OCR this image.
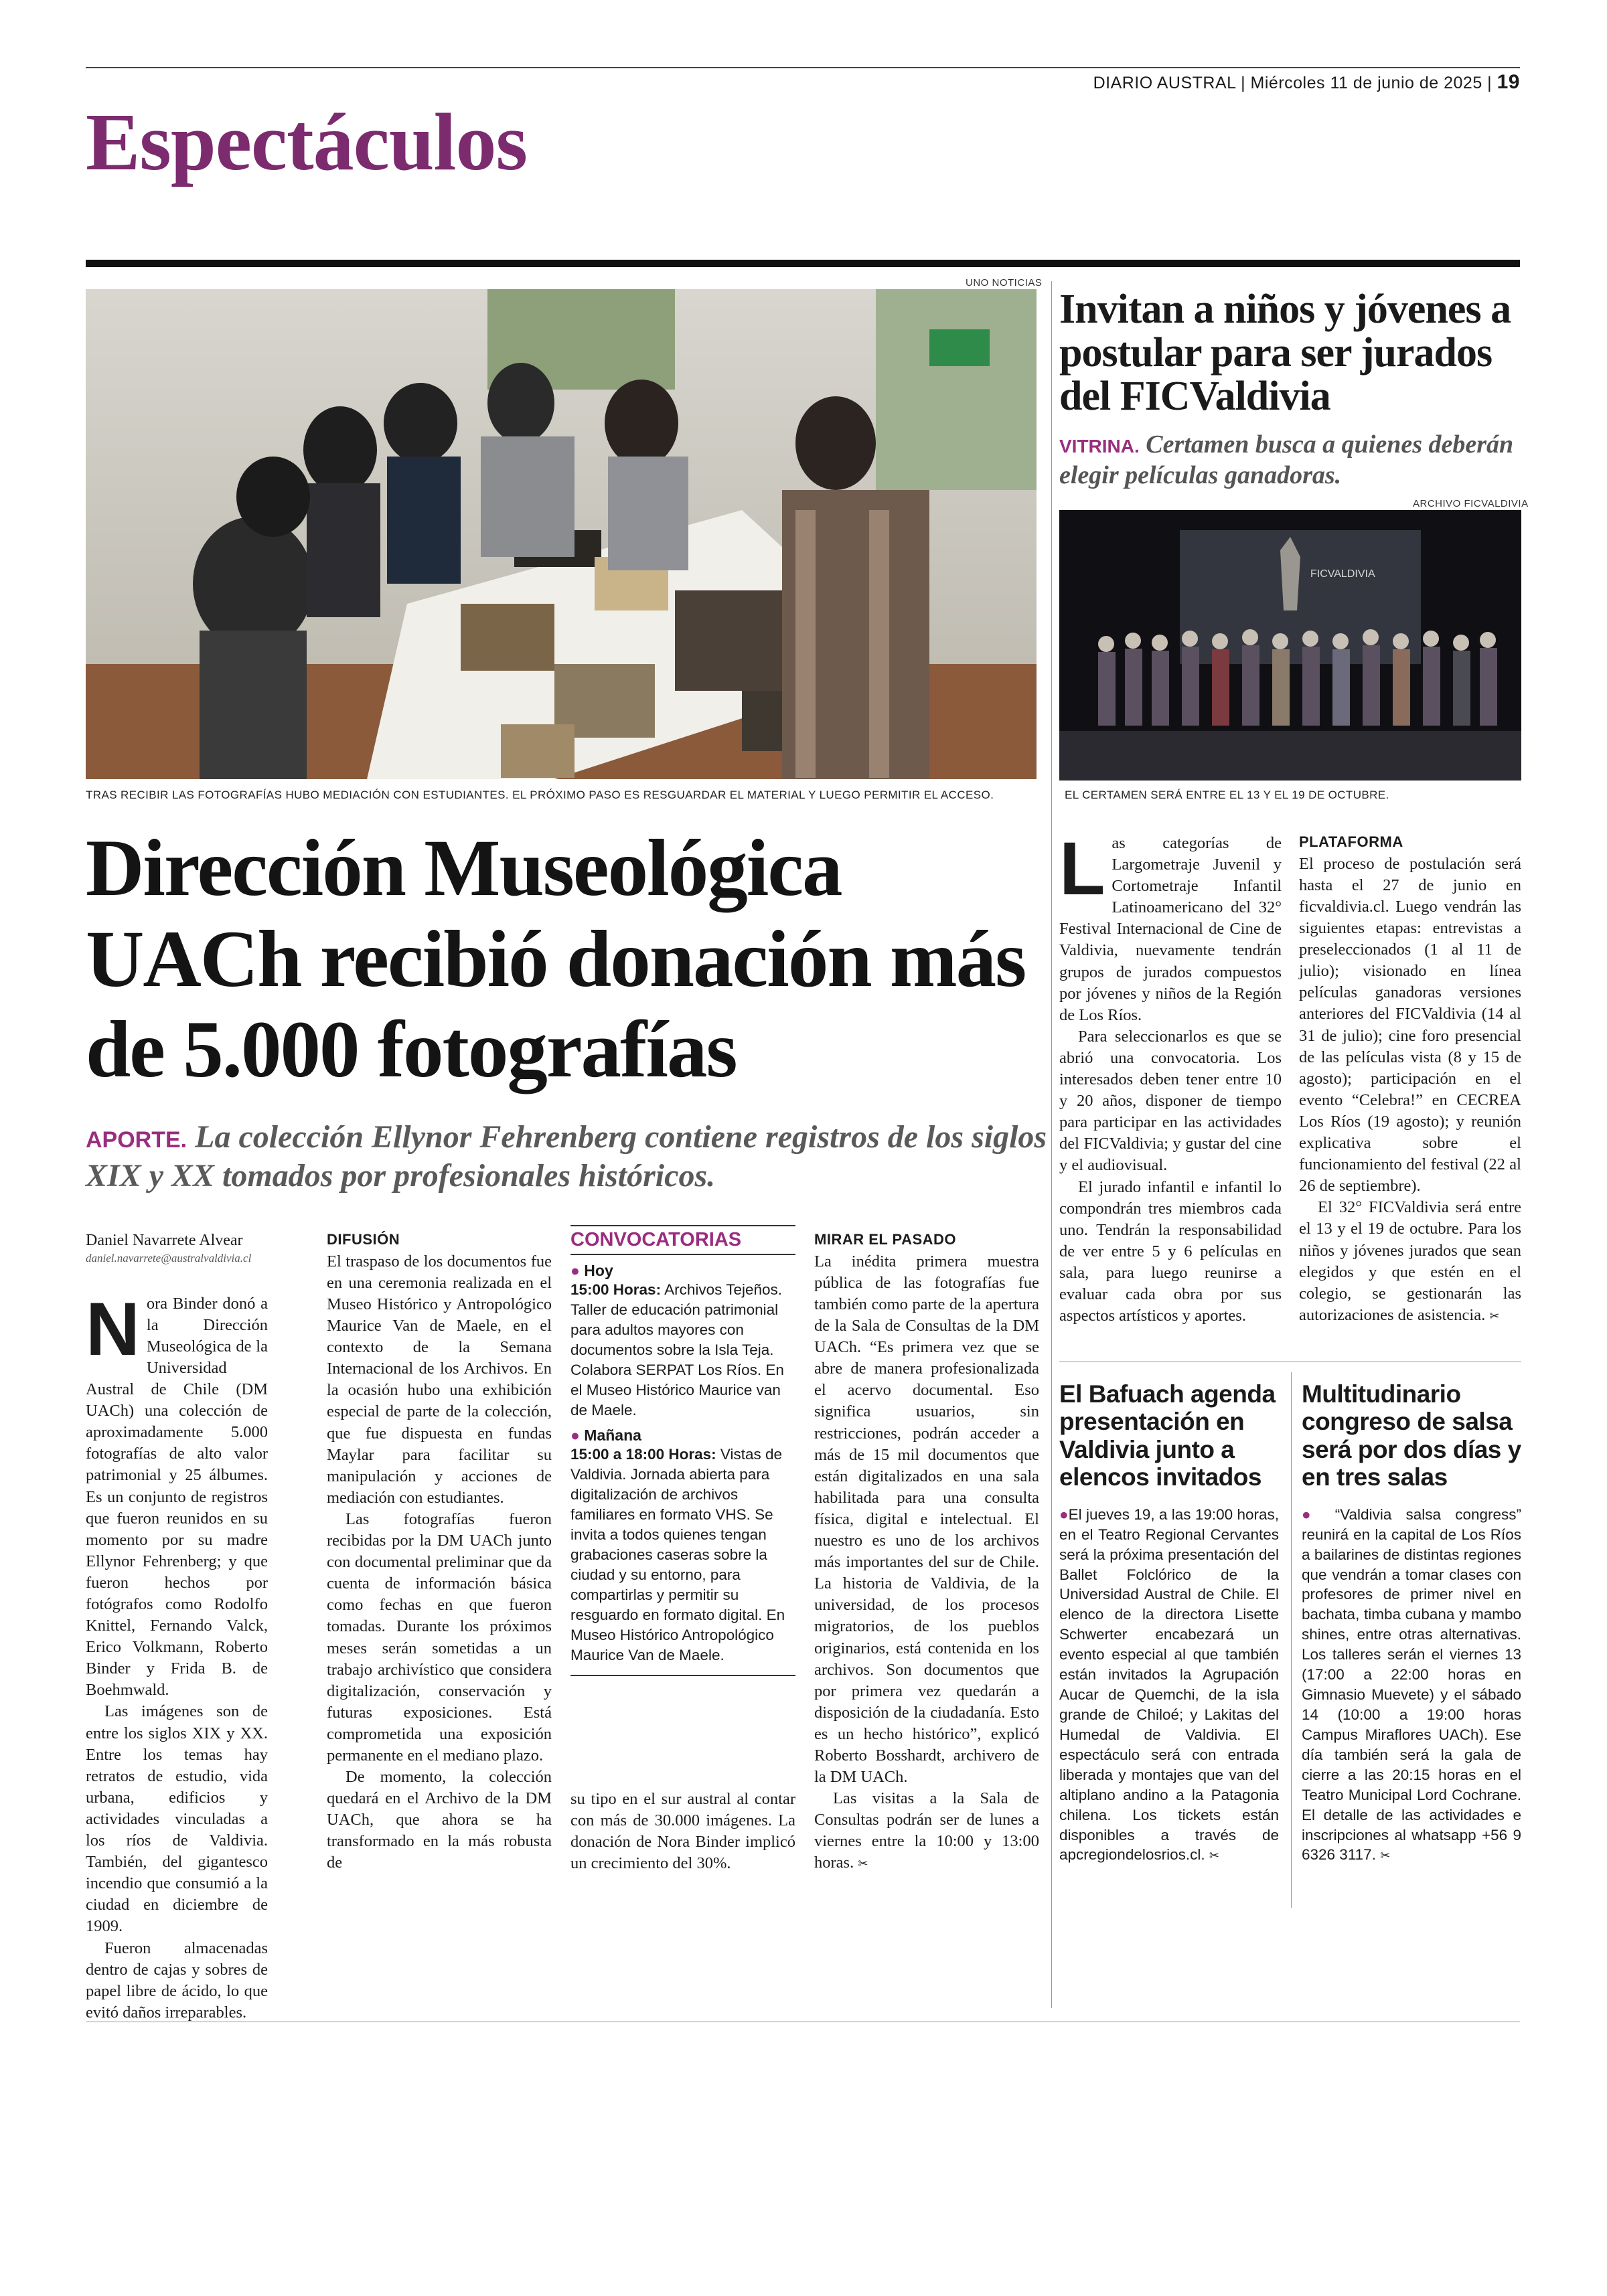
DIARIO AUSTRAL | Miércoles 11 de junio de 2025 | 19
Espectáculos
UNO NOTICIAS
TRAS RECIBIR LAS FOTOGRAFÍAS HUBO MEDIACIÓN CON ESTUDIANTES. EL PRÓXIMO PASO ES RESGUARDAR EL MATERIAL Y LUEGO PERMITIR EL ACCESO.
Dirección Museológica UACh recibió donación más de 5.000 fotografías
APORTE. La colección Ellynor Fehrenberg contiene registros de los siglos XIX y XX tomados por profesionales históricos.
Daniel Navarrete Alvear
daniel.navarrete@australvaldivia.cl

Nora Binder donó a la Dirección Museológica de la Universidad Austral de Chile (DM UACh) una colección de aproximadamente 5.000 fotografías de alto valor patrimonial y 25 álbumes. Es un conjunto de registros que fueron reunidos en su momento por su madre Ellynor Fehrenberg; y que fueron hechos por fotógrafos como Rodolfo Knittel, Fernando Valck, Erico Volkmann, Roberto Binder y Frida B. de Boehmwald.

Las imágenes son de entre los siglos XIX y XX. Entre los temas hay retratos de estudio, vida urbana, edificios y actividades vinculadas a los ríos de Valdivia. También, del gigantesco incendio que consumió a la ciudad en diciembre de 1909.

Fueron almacenadas dentro de cajas y sobres de papel libre de ácido, lo que evitó daños irreparables.

DIFUSIÓN

El traspaso de los documentos fue en una ceremonia realizada en el Museo Histórico y Antropológico Maurice Van de Maele, en el contexto de la Semana Internacional de los Archivos. En la ocasión hubo una exhibición especial de parte de la colección, que fue dispuesta en fundas Maylar para facilitar su manipulación y acciones de mediación con estudiantes.

Las fotografías fueron recibidas por la DM UACh junto con documental preliminar que da cuenta de información básica como fechas en que fueron tomadas. Durante los próximos meses serán sometidas a un trabajo archivístico que considera digitalización, conservación y futuras exposiciones. Está comprometida una exposición permanente en el mediano plazo.

De momento, la colección quedará en el Archivo de la DM UACh, que ahora se ha transformado en la más robusta de

CONVOCATORIAS
● Hoy
15:00 Horas: Archivos Tejeños. Taller de educación patrimonial para adultos mayores con documentos sobre la Isla Teja. Colabora SERPAT Los Ríos. En el Museo Histórico Maurice van de Maele.
● Mañana
15:00 a 18:00 Horas: Vistas de Valdivia. Jornada abierta para digitalización de archivos familiares en formato VHS. Se invita a todos quienes tengan grabaciones caseras sobre la ciudad y su entorno, para compartirlas y permitir su resguardo en formato digital. En Museo Histórico Antropológico Maurice Van de Maele.

su tipo en el sur austral al contar con más de 30.000 imágenes. La donación de Nora Binder implicó un crecimiento del 30%.

MIRAR EL PASADO

La inédita primera muestra pública de las fotografías fue también como parte de la apertura de la Sala de Consultas de la DM UACh. “Es primera vez que se abre de manera profesionalizada el acervo documental. Eso significa usuarios, sin restricciones, podrán acceder a más de 15 mil documentos que están digitalizados en una sala habilitada para una consulta física, digital e intelectual. El nuestro es uno de los archivos más importantes del sur de Chile. La historia de Valdivia, de la universidad, de los procesos migratorios, de los pueblos originarios, está contenida en los archivos. Son documentos que por primera vez quedarán a disposición de la ciudadanía. Esto es un hecho histórico”, explicó Roberto Bosshardt, archivero de la DM UACh.

Las visitas a la Sala de Consultas podrán ser de lunes a viernes entre la 10:00 y 13:00 horas. ✂

Invitan a niños y jóvenes a postular para ser jurados del FICValdivia
VITRINA. Certamen busca a quienes deberán elegir películas ganadoras.
ARCHIVO FICVALDIVIA
FICVALDIVIA
EL CERTAMEN SERÁ ENTRE EL 13 Y EL 19 DE OCTUBRE.

Las categorías de Largometraje Juvenil y Cortometraje Infantil Latinoamericano del 32° Festival Internacional de Cine de Valdivia, nuevamente tendrán grupos de jurados compuestos por jóvenes y niños de la Región de Los Ríos.

Para seleccionarlos es que se abrió una convocatoria. Los interesados deben tener entre 10 y 20 años, disponer de tiempo para participar en las actividades del FICValdivia; y gustar del cine y el audiovisual.

El jurado infantil e infantil lo compondrán tres miembros cada uno. Tendrán la responsabilidad de ver entre 5 y 6 películas en sala, para luego reunirse a evaluar cada obra por sus aspectos artísticos y aportes.

PLATAFORMA

El proceso de postulación será hasta el 27 de junio en ficvaldivia.cl. Luego vendrán las siguientes etapas: entrevistas a preseleccionados (1 al 11 de julio); visionado en línea películas ganadoras versiones anteriores del FICValdivia (14 al 31 de julio); cine foro presencial de las películas vista (8 y 15 de agosto); participación en el evento “Celebra!” en CECREA Los Ríos (19 agosto); y reunión explicativa sobre el funcionamiento del festival (22 al 26 de septiembre).

El 32° FICValdivia será entre el 13 y el 19 de octubre. Para los niños y jóvenes jurados que sean elegidos y que estén en el colegio, se gestionarán las autorizaciones de asistencia. ✂

El Bafuach agenda presentación en Valdivia junto a elencos invitados
●El jueves 19, a las 19:00 horas, en el Teatro Regional Cervantes será la próxima presentación del Ballet Folclórico de la Universidad Austral de Chile. El elenco de la directora Lisette Schwerter encabezará un evento especial al que también están invitados la Agrupación Aucar de Quemchi, de la isla grande de Chiloé; y Lakitas del Humedal de Valdivia. El espectáculo será con entrada liberada y montajes que van del altiplano andino a la Patagonia chilena. Los tickets están disponibles a través de apcregiondelosrios.cl. ✂
Multitudinario congreso de salsa será por dos días y en tres salas
● “Valdivia salsa congress” reunirá en la capital de Los Ríos a bailarines de distintas regiones que vendrán a tomar clases con profesores de primer nivel en bachata, timba cubana y mambo shines, entre otras alternativas. Los talleres serán el viernes 13 (17:00 a 22:00 horas en Gimnasio Muevete) y el sábado 14 (10:00 a 19:00 horas Campus Miraflores UACh). Ese día también será la gala de cierre a las 20:15 horas en el Teatro Municipal Lord Cochrane. El detalle de las actividades e inscripciones al whatsapp +56 9 6326 3117. ✂
